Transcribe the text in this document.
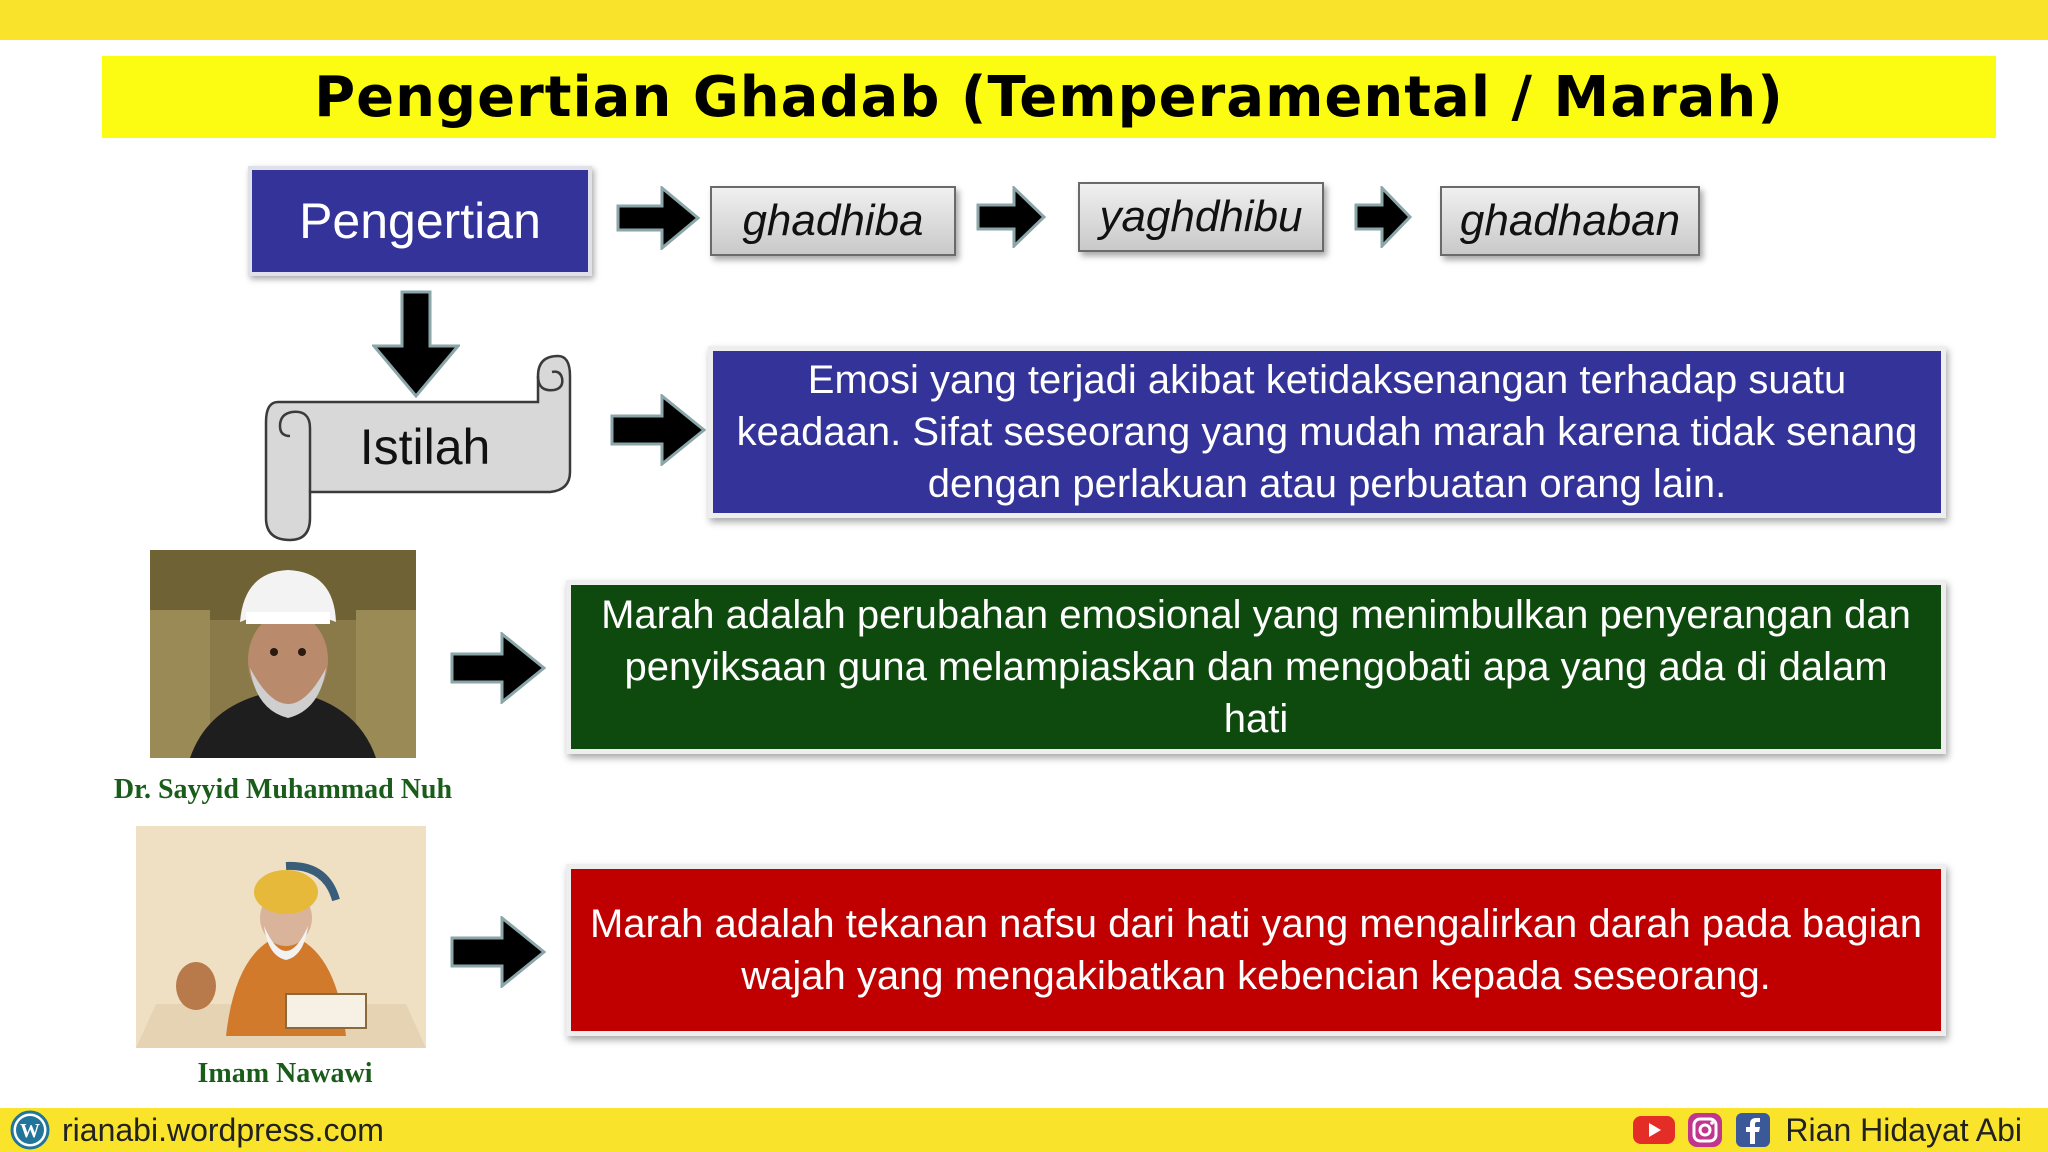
Pengertian Ghadab (Temperamental / Marah)
Pengertian	ghadhiba	yaghdhibu	ghadhaban
Istilah
Emosi yang terjadi akibat ketidaksenangan terhadap suatu keadaan. Sifat seseorang yang mudah marah karena tidak senang dengan perlakuan atau perbuatan orang lain.
Dr. Sayyid Muhammad Nuh
Marah adalah perubahan emosional yang menimbulkan penyerangan dan penyiksaan guna melampiaskan dan mengobati apa yang ada di dalam hati
Imam Nawawi
Marah adalah tekanan nafsu dari hati yang mengalirkan darah pada bagian wajah yang mengakibatkan kebencian kepada seseorang.
W rianabi.wordpress.com	Rian Hidayat Abi
